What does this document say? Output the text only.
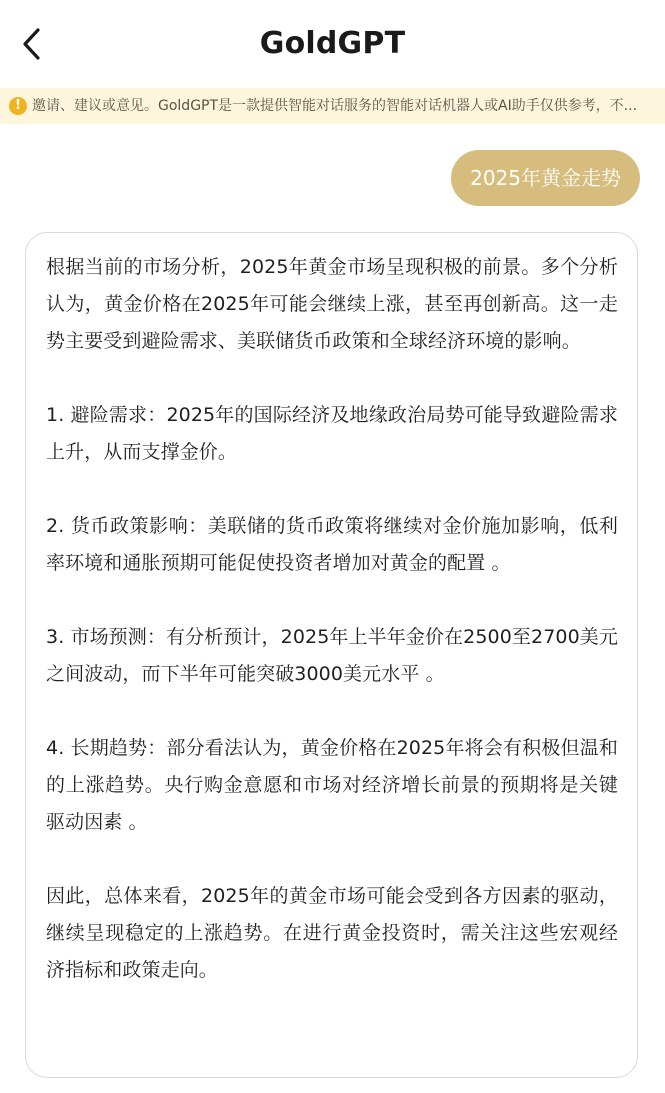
GoldGPT
! 邀请、建议或意见。GoldGPT是一款提供智能对话服务的智能对话机器人或AI助手仅供参考，不...
2025年黄金走势

根据当前的市场分析，2025年黄金市场呈现积极的前景。多个分析认为，黄金价格在2025年可能会继续上涨，甚至再创新高。这一走势主要受到避险需求、美联储货币政策和全球经济环境的影响。

1. 避险需求：2025年的国际经济及地缘政治局势可能导致避险需求上升，从而支撑金价。

2. 货币政策影响：美联储的货币政策将继续对金价施加影响，低利率环境和通胀预期可能促使投资者增加对黄金的配置 。

3. 市场预测：有分析预计，2025年上半年金价在2500至2700美元之间波动，而下半年可能突破3000美元水平 。

4. 长期趋势：部分看法认为，黄金价格在2025年将会有积极但温和的上涨趋势。央行购金意愿和市场对经济增长前景的预期将是关键驱动因素 。

因此，总体来看，2025年的黄金市场可能会受到各方因素的驱动，继续呈现稳定的上涨趋势。在进行黄金投资时，需关注这些宏观经济指标和政策走向。
